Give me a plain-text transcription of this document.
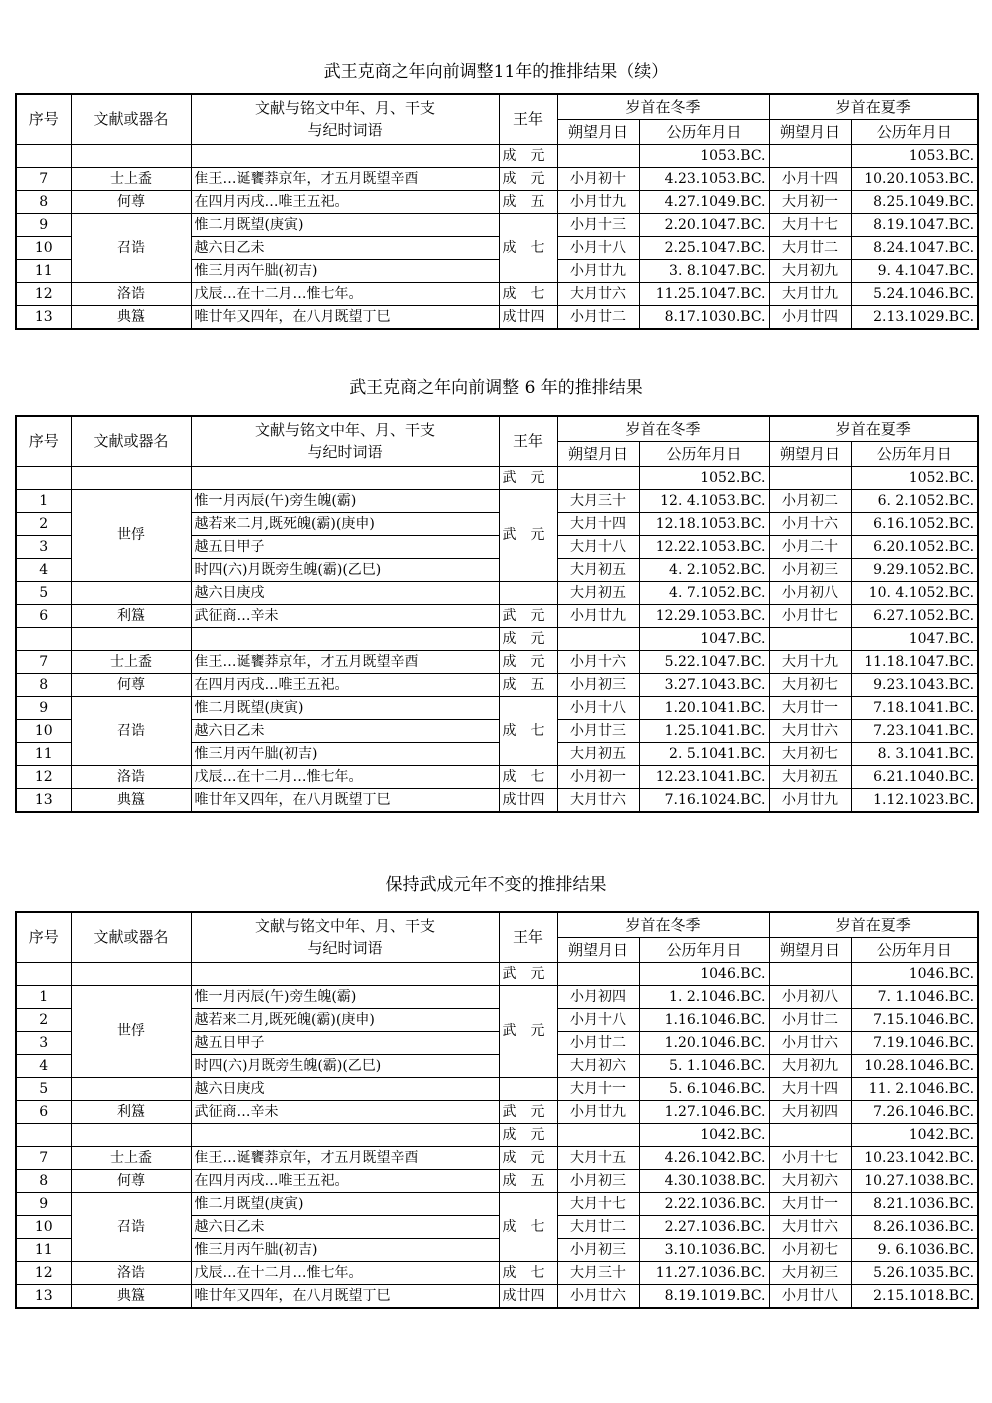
武王克商之年向前调整11年的推排结果（续）
序号	文献或器名	文献与铭文中年、月、干支
与纪时词语	王年	岁首在冬季		岁首在夏季	
				朔望月日	公历年月日	朔望月日	公历年月日
			成　元		1053.BC.		1053.BC.
7	士上盉	隹王…诞饔莽京年，才五月既望辛酉	成　元	小月初十	4.23.1053.BC.	小月十四	10.20.1053.BC.
8	何尊	在四月丙戌…唯王五祀。	成　五	小月廿九	4.27.1049.BC.	大月初一	8.25.1049.BC.
9	召诰	惟二月既望(庚寅)	成　七	小月十三	2.20.1047.BC.	大月十七	8.19.1047.BC.
10		越六日乙未		小月十八	2.25.1047.BC.	大月廿二	8.24.1047.BC.
11		惟三月丙午朏(初吉)		小月廿九	3. 8.1047.BC.	大月初九	9. 4.1047.BC.
12	洛诰	戊辰…在十二月…惟七年。	成　七	大月廿六	11.25.1047.BC.	大月廿九	5.24.1046.BC.
13	典簋	唯廿年又四年，在八月既望丁巳	成廿四	小月廿二	8.17.1030.BC.	小月廿四	2.13.1029.BC.
武王克商之年向前调整 6 年的推排结果
序号	文献或器名	文献与铭文中年、月、干支
与纪时词语	王年	岁首在冬季		岁首在夏季	
				朔望月日	公历年月日	朔望月日	公历年月日
			武　元		1052.BC.		1052.BC.
1	世俘	惟一月丙辰(午)旁生魄(霸)	武　元	大月三十	12. 4.1053.BC.	小月初二	6. 2.1052.BC.
2		越若来二月,既死魄(霸)(庚申)		大月十四	12.18.1053.BC.	小月十六	6.16.1052.BC.
3		越五日甲子		大月十八	12.22.1053.BC.	小月二十	6.20.1052.BC.
4		时四(六)月既旁生魄(霸)(乙巳)		大月初五	4. 2.1052.BC.	小月初三	9.29.1052.BC.
5		越六日庚戌		大月初五	4. 7.1052.BC.	小月初八	10. 4.1052.BC.
6	利簋	武征商…辛未	武　元	小月廿九	12.29.1053.BC.	小月廿七	6.27.1052.BC.
			成　元		1047.BC.		1047.BC.
7	士上盉	隹王…诞饔莽京年，才五月既望辛酉	成　元	小月十六	5.22.1047.BC.	大月十九	11.18.1047.BC.
8	何尊	在四月丙戌…唯王五祀。	成　五	小月初三	3.27.1043.BC.	大月初七	9.23.1043.BC.
9	召诰	惟二月既望(庚寅)	成　七	小月十八	1.20.1041.BC.	大月廿一	7.18.1041.BC.
10		越六日乙未		小月廿三	1.25.1041.BC.	大月廿六	7.23.1041.BC.
11		惟三月丙午朏(初吉)		大月初五	2. 5.1041.BC.	大月初七	8. 3.1041.BC.
12	洛诰	戊辰…在十二月…惟七年。	成　七	小月初一	12.23.1041.BC.	大月初五	6.21.1040.BC.
13	典簋	唯廿年又四年，在八月既望丁巳	成廿四	大月廿六	7.16.1024.BC.	小月廿九	1.12.1023.BC.
保持武成元年不变的推排结果
序号	文献或器名	文献与铭文中年、月、干支
与纪时词语	王年	岁首在冬季		岁首在夏季	
				朔望月日	公历年月日	朔望月日	公历年月日
			武　元		1046.BC.		1046.BC.
1	世俘	惟一月丙辰(午)旁生魄(霸)	武　元	小月初四	1. 2.1046.BC.	小月初八	7. 1.1046.BC.
2		越若来二月,既死魄(霸)(庚申)		小月十八	1.16.1046.BC.	小月廿二	7.15.1046.BC.
3		越五日甲子		小月廿二	1.20.1046.BC.	小月廿六	7.19.1046.BC.
4		时四(六)月既旁生魄(霸)(乙巳)		大月初六	5. 1.1046.BC.	大月初九	10.28.1046.BC.
5		越六日庚戌		大月十一	5. 6.1046.BC.	大月十四	11. 2.1046.BC.
6	利簋	武征商…辛未	武　元	小月廿九	1.27.1046.BC.	大月初四	7.26.1046.BC.
			成　元		1042.BC.		1042.BC.
7	士上盉	隹王…诞饔莽京年，才五月既望辛酉	成　元	大月十五	4.26.1042.BC.	小月十七	10.23.1042.BC.
8	何尊	在四月丙戌…唯王五祀。	成　五	小月初三	4.30.1038.BC.	大月初六	10.27.1038.BC.
9	召诰	惟二月既望(庚寅)	成　七	大月十七	2.22.1036.BC.	大月廿一	8.21.1036.BC.
10		越六日乙未		大月廿二	2.27.1036.BC.	大月廿六	8.26.1036.BC.
11		惟三月丙午朏(初吉)		小月初三	3.10.1036.BC.	小月初七	9. 6.1036.BC.
12	洛诰	戊辰…在十二月…惟七年。	成　七	大月三十	11.27.1036.BC.	大月初三	5.26.1035.BC.
13	典簋	唯廿年又四年，在八月既望丁巳	成廿四	小月廿六	8.19.1019.BC.	小月廿八	2.15.1018.BC.
